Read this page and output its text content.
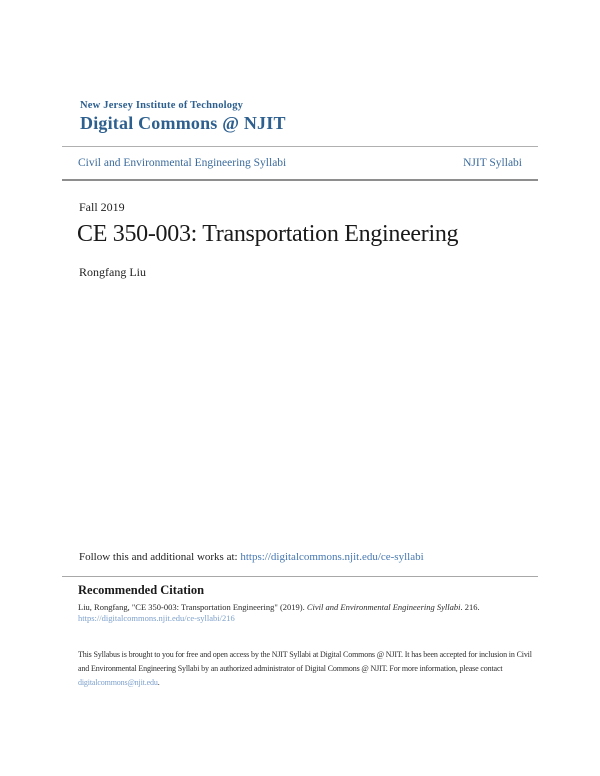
New Jersey Institute of Technology
Digital Commons @ NJIT
Civil and Environmental Engineering Syllabi	NJIT Syllabi
Fall 2019
CE 350-003: Transportation Engineering
Rongfang Liu
Follow this and additional works at: https://digitalcommons.njit.edu/ce-syllabi
Recommended Citation
Liu, Rongfang, "CE 350-003: Transportation Engineering" (2019). Civil and Environmental Engineering Syllabi. 216.
https://digitalcommons.njit.edu/ce-syllabi/216
This Syllabus is brought to you for free and open access by the NJIT Syllabi at Digital Commons @ NJIT. It has been accepted for inclusion in Civil and Environmental Engineering Syllabi by an authorized administrator of Digital Commons @ NJIT. For more information, please contact digitalcommons@njit.edu.
